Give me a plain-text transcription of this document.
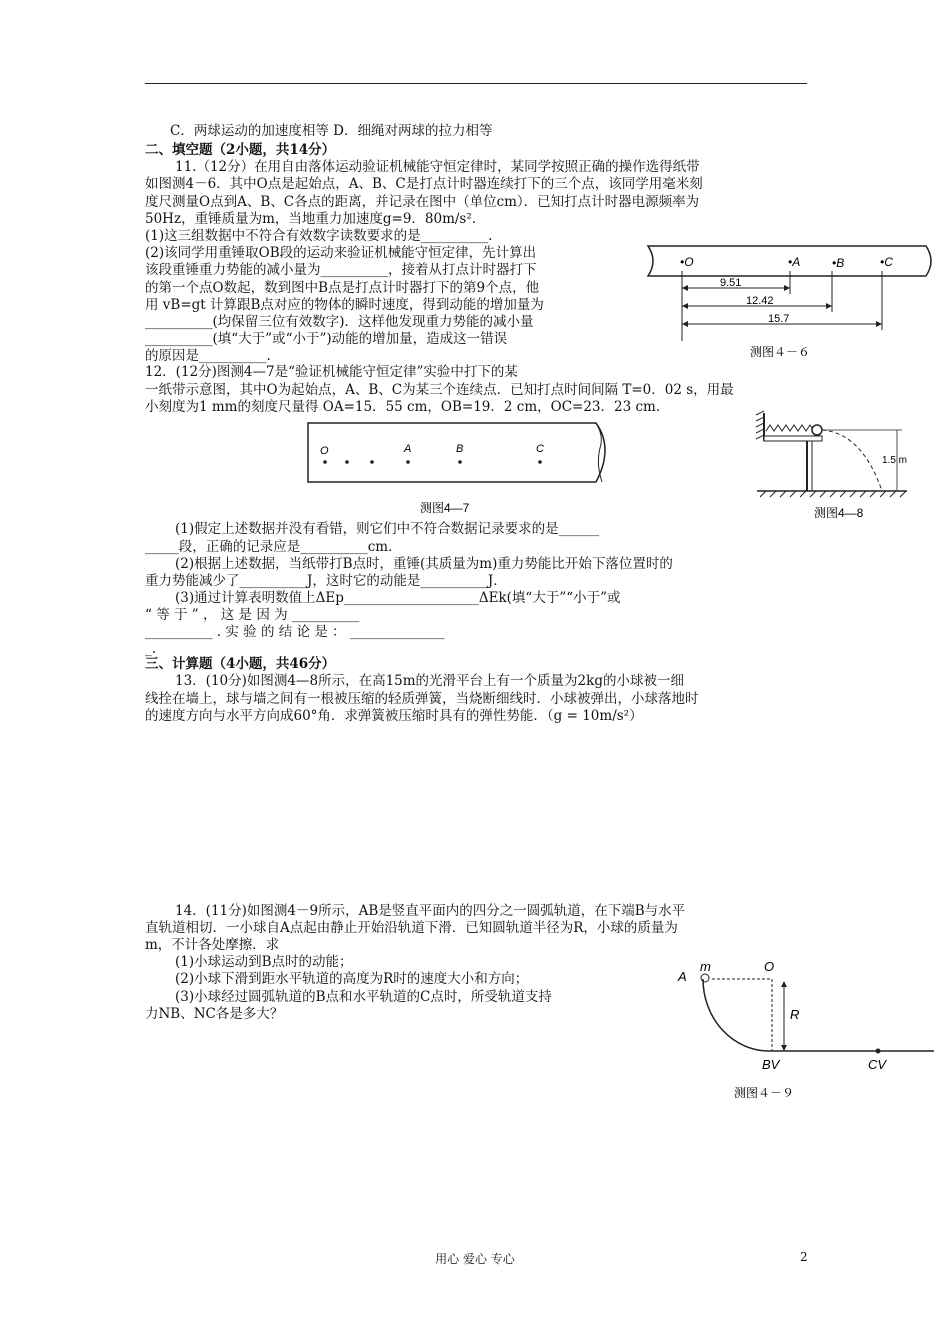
C．两球运动的加速度相等 D．细绳对两球的拉力相等
二、填空题（2小题，共14分）
11.（12分）在用自由落体运动验证机械能守恒定律时，某同学按照正确的操作选得纸带
如图测4－6．其中O点是起始点，A、B、C是打点计时器连续打下的三个点，该同学用毫米刻
度尺测量O点到A、B、C各点的距离，并记录在图中（单位cm）．已知打点计时器电源频率为
50Hz，重锤质量为m，当地重力加速度g=9．80m/s².
(1)这三组数据中不符合有效数字读数要求的是__________.
(2)该同学用重锤取OB段的运动来验证机械能守恒定律，先计算出
该段重锤重力势能的减小量为__________，接着从打点计时器打下
的第一个点O数起，数到图中B点是打点计时器打下的第9个点，他
用 vB=gt 计算跟B点对应的物体的瞬时速度，得到动能的增加量为
__________(均保留三位有效数字)．这样他发现重力势能的减小量
__________(填“大于”或“小于”)动能的增加量，造成这一错误
的原因是__________.
12．(12分)图测4—7是“验证机械能守恒定律”实验中打下的某
一纸带示意图，其中O为起始点，A、B、C为某三个连续点．已知打点时间间隔 T=0．02 s，用最
小刻度为1 mm的刻度尺量得 OA=15．55 cm，OB=19．2 cm，OC=23．23 cm．
(1)假定上述数据并没有看错，则它们中不符合数据记录要求的是______
_____段，正确的记录应是__________cm．
(2)根据上述数据，当纸带打B点时，重锤(其质量为m)重力势能比开始下落位置时的
重力势能减少了__________J，这时它的动能是__________J．
(3)通过计算表明数值上ΔEp____________________ΔEk(填“大于”“小于”或
“ 等 于 ” ， 这 是 因 为 __________
__________ . 实 验 的 结 论 是 ： ______________
_.
三、计算题（4小题，共46分）
13．(10分)如图测4—8所示，在高15m的光滑平台上有一个质量为2kg的小球被一细
线拴在墙上，球与墙之间有一根被压缩的轻质弹簧，当烧断细线时．小球被弹出，小球落地时
的速度方向与水平方向成60°角．求弹簧被压缩时具有的弹性势能．（g = 10m/s²）
14．(11分)如图测4－9所示，AB是竖直平面内的四分之一圆弧轨道，在下端B与水平
直轨道相切．一小球自A点起由静止开始沿轨道下滑．已知圆轨道半径为R，小球的质量为
m，不计各处摩擦．求
(1)小球运动到B点时的动能；
(2)小球下滑到距水平轨道的高度为R时的速度大小和方向；
(3)小球经过圆弧轨道的B点和水平轨道的C点时，所受轨道支持
力NB、NC各是多大？
•O	•A	•B	•C
9.51
12.42
15.7
测图４－６
O	A	B	C
测图4—7
1.5 m
测图4—8
A
m	O
R
BV	CV
测图４－９
用心 爱心 专心	2
